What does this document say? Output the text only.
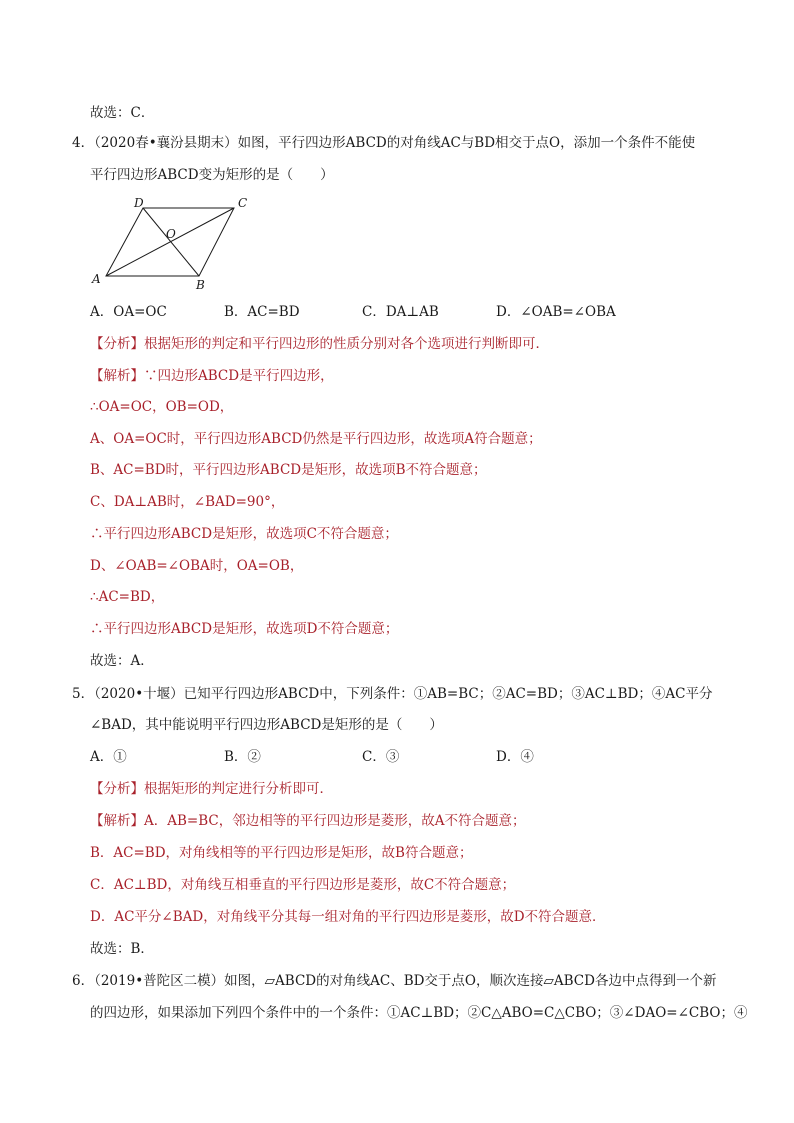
故选：C．
4．（2020春•襄汾县期末）如图，平行四边形ABCD的对角线AC与BD相交于点O，添加一个条件不能使
平行四边形ABCD变为矩形的是（　　）
D	C
O
A	B
A．OA=OC	B．AC=BD	C．DA⊥AB	D．∠OAB=∠OBA
【分析】根据矩形的判定和平行四边形的性质分别对各个选项进行判断即可．
【解析】∵四边形ABCD是平行四边形，
∴OA=OC，OB=OD，
A、OA=OC时，平行四边形ABCD仍然是平行四边形，故选项A符合题意；
B、AC=BD时，平行四边形ABCD是矩形，故选项B不符合题意；
C、DA⊥AB时，∠BAD=90°，
∴平行四边形ABCD是矩形，故选项C不符合题意；
D、∠OAB=∠OBA时，OA=OB，
∴AC=BD，
∴平行四边形ABCD是矩形，故选项D不符合题意；
故选：A．
5．（2020•十堰）已知平行四边形ABCD中，下列条件：①AB=BC；②AC=BD；③AC⊥BD；④AC平分
∠BAD，其中能说明平行四边形ABCD是矩形的是（　　）
A．①	B．②	C．③	D．④
【分析】根据矩形的判定进行分析即可．
【解析】A．AB=BC，邻边相等的平行四边形是菱形，故A不符合题意；
B．AC=BD，对角线相等的平行四边形是矩形，故B符合题意；
C．AC⊥BD，对角线互相垂直的平行四边形是菱形，故C不符合题意；
D．AC平分∠BAD，对角线平分其每一组对角的平行四边形是菱形，故D不符合题意．
故选：B．
6．（2019•普陀区二模）如图，▱ABCD的对角线AC、BD交于点O，顺次连接▱ABCD各边中点得到一个新
的四边形，如果添加下列四个条件中的一个条件：①AC⊥BD；②C△ABO=C△CBO；③∠DAO=∠CBO；④
